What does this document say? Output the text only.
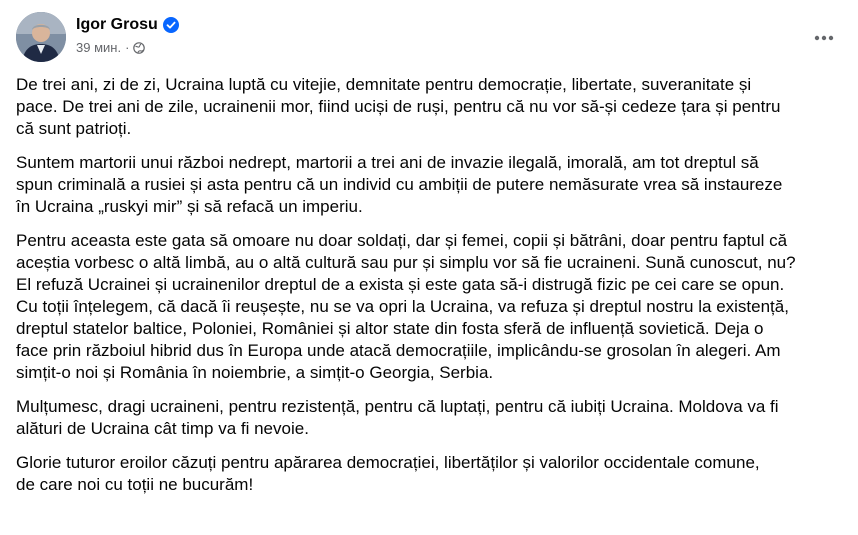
Igor Grosu
39 мин. ·

De trei ani, zi de zi, Ucraina luptă cu vitejie, demnitate pentru democrație, libertate, suveranitate și
pace. De trei ani de zile, ucrainenii mor, fiind uciși de ruși, pentru că nu vor să-și cedeze țara și pentru
că sunt patrioți.

Suntem martorii unui război nedrept, martorii a trei ani de invazie ilegală, imorală, am tot dreptul să
spun criminală a rusiei și asta pentru că un individ cu ambiții de putere nemăsurate vrea să instaureze
în Ucraina „ruskyi mir” și să refacă un imperiu.

Pentru aceasta este gata să omoare nu doar soldați, dar și femei, copii și bătrâni, doar pentru faptul că
aceștia vorbesc o altă limbă, au o altă cultură sau pur și simplu vor să fie ucraineni. Sună cunoscut, nu?
El refuză Ucrainei și ucrainenilor dreptul de a exista și este gata să-i distrugă fizic pe cei care se opun.
Cu toții înțelegem, că dacă îi reușește, nu se va opri la Ucraina, va refuza și dreptul nostru la existență,
dreptul statelor baltice, Poloniei, României și altor state din fosta sferă de influență sovietică. Deja o
face prin războiul hibrid dus în Europa unde atacă democrațiile, implicându-se grosolan în alegeri. Am
simțit-o noi și România în noiembrie, a simțit-o Georgia, Serbia.

Mulțumesc, dragi ucraineni, pentru rezistență, pentru că luptați, pentru că iubiți Ucraina. Moldova va fi
alături de Ucraina cât timp va fi nevoie.

Glorie tuturor eroilor căzuți pentru apărarea democrației, libertăților și valorilor occidentale comune,
de care noi cu toții ne bucurăm!
